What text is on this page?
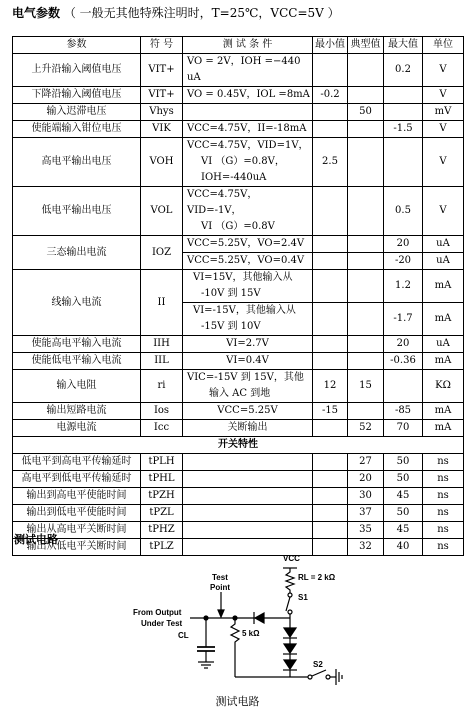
电气参数 （ 一般无其他特殊注明时，T=25℃，VCC=5V ）
参数	符 号	测 试 条 件	最小值	典型值	最大值	单位
上升沿输入阈值电压	VIT+	VO = 2V，IOH =−440 uA			0.2	V
下降沿输入阈值电压	VIT+	VO = 0.45V，IOL =8mA	-0.2			V
输入迟滞电压	Vhys			50		mV
使能端输入钳位电压	VIK	VCC=4.75V，II=-18mA			-1.5	V
高电平输出电压	VOH	VCC=4.75V，VID=1V，
VI （G）=0.8V，
IOH=-440uA	2.5			V
低电平输出电压	VOL	VCC=4.75V，VID=-1V，
VI （G）=0.8V			0.5	V
三态输出电流	IOZ	VCC=5.25V，VO=2.4V			20	uA
		VCC=5.25V，VO=0.4V			-20	uA
线输入电流	II	VI=15V，其他输入从
-10V 到 15V			1.2	mA

		VI=-15V，其他输入从
-15V 到 10V			-1.7	mA
使能高电平输入电流	IIH	VI=2.7V			20	uA
使能低电平输入电流	IIL	VI=0.4V			-0.36	mA
输入电阻	ri	VIC=-15V 到 15V，其他
输入 AC 到地	12	15		KΩ
输出短路电流	Ios	VCC=5.25V	-15		-85	mA
电源电流	Icc	关断输出		52	70	mA
开关特性						
低电平到高电平传输延时	tPLH			27	50	ns
高电平到低电平传输延时	tPHL			20	50	ns
输出到高电平使能时间	tPZH			30	45	ns
输出到低电平使能时间	tPZL			37	50	ns
输出从高电平关断时间	tPHZ			35	45	ns
输出从低电平关断时间	tPLZ			32	40	ns
测试电路
VCC
RL = 2 kΩ
S1
S2
Test
Point
From Output
Under Test
CL	5 kΩ
测试电路
